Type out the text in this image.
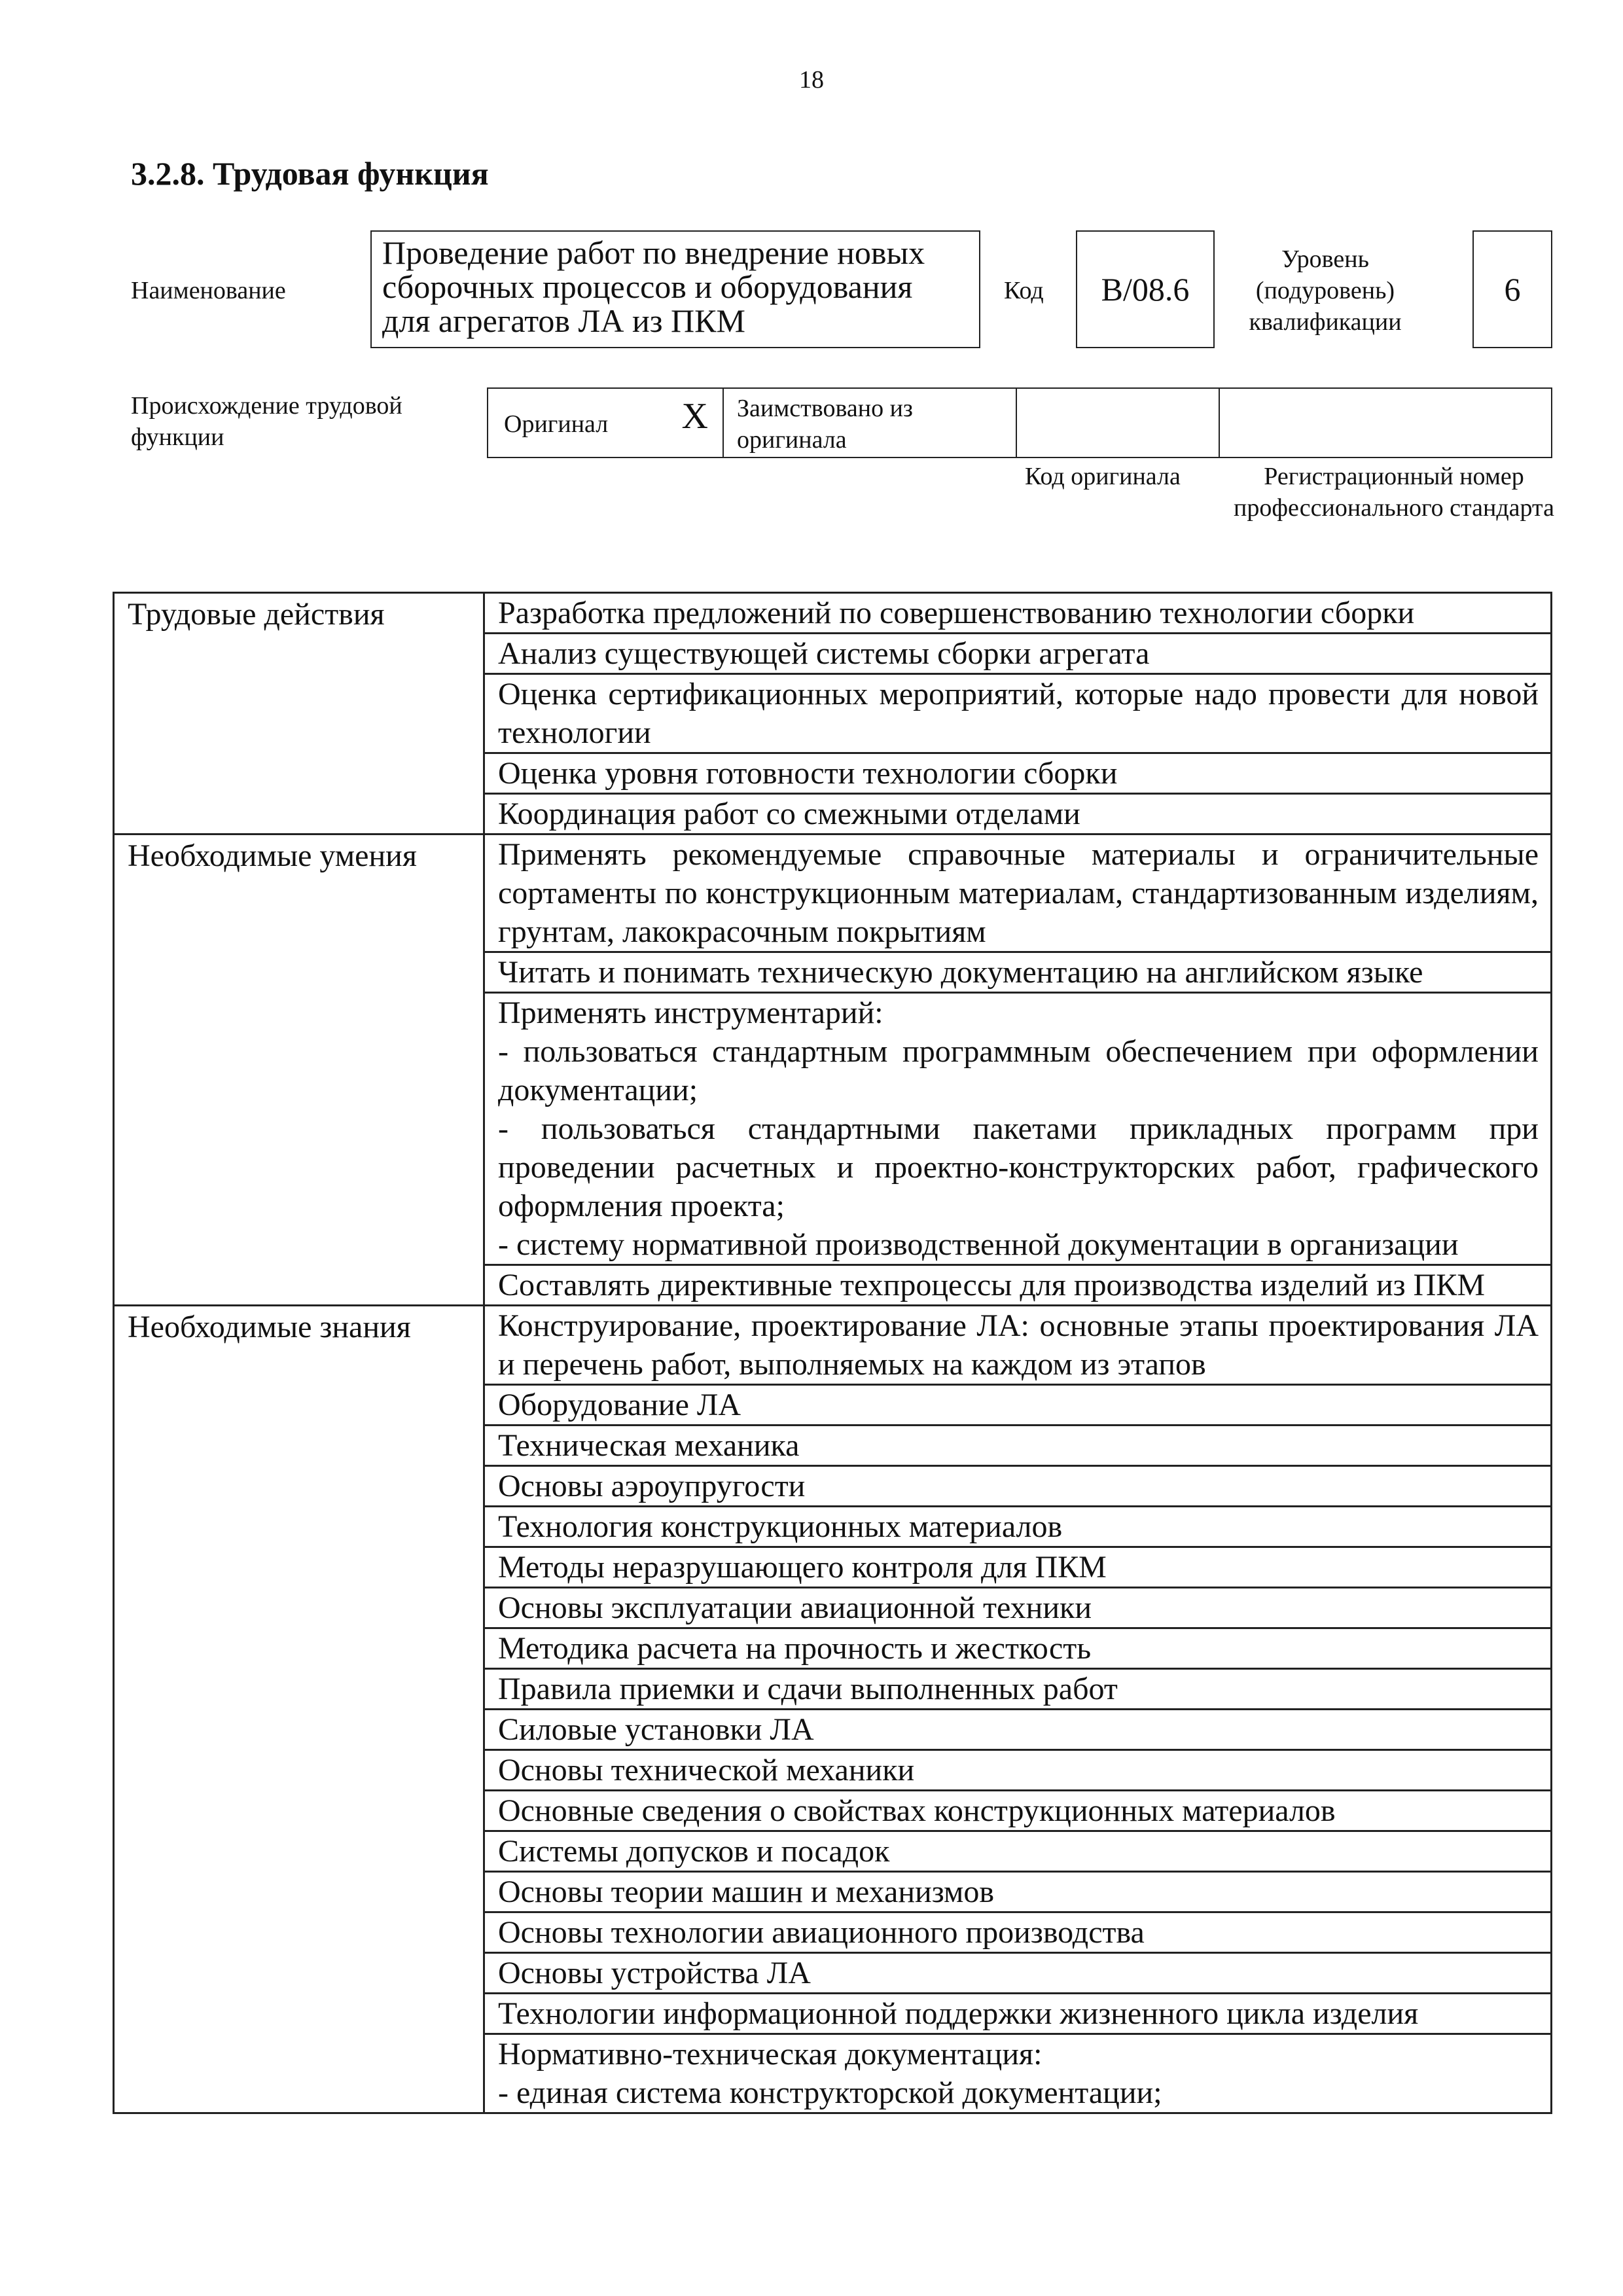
18
3.2.8. Трудовая функция
Наименование
Проведение работ по внедрение новых сборочных процессов и оборудования для агрегатов ЛА из ПКМ
Код	B/08.6
Уровень (подуровень) квалификации
6
Происхождение трудовой функции	Оригинал X	Заимствовано из оригинала
Код оригинала	Регистрационный номер профессионального стандарта
Трудовые действия	Разработка предложений по совершенствованию технологии сборки
	Анализ существующей системы сборки агрегата
	Оценка сертификационных мероприятий, которые надо провести для новой технологии
	Оценка уровня готовности технологии сборки
	Координация работ со смежными отделами
Необходимые умения	Применять рекомендуемые справочные материалы и ограничительные сортаменты по конструкционным материалам, стандартизованным изделиям, грунтам, лакокрасочным покрытиям
	Читать и понимать техническую документацию на английском языке
	Применять инструментарий:
- пользоваться стандартным программным обеспечением при оформлении документации;
- пользоваться стандартными пакетами прикладных программ при проведении расчетных и проектно-конструкторских работ, графического оформления проекта;
- систему нормативной производственной документации в организации
	Составлять директивные техпроцессы для производства изделий из ПКМ
Необходимые знания	Конструирование, проектирование ЛА: основные этапы проектирования ЛА и перечень работ, выполняемых на каждом из этапов
	Оборудование ЛА
	Техническая механика
	Основы аэроупругости
	Технология конструкционных материалов
	Методы неразрушающего контроля для ПКМ
	Основы эксплуатации авиационной техники
	Методика расчета на прочность и жесткость
	Правила приемки и сдачи выполненных работ
	Силовые установки ЛА
	Основы технической механики
	Основные сведения о свойствах конструкционных материалов
	Системы допусков и посадок
	Основы теории машин и механизмов
	Основы технологии авиационного производства
	Основы устройства ЛА
	Технологии информационной поддержки жизненного цикла изделия
	Нормативно-техническая документация:
- единая система конструкторской документации;
